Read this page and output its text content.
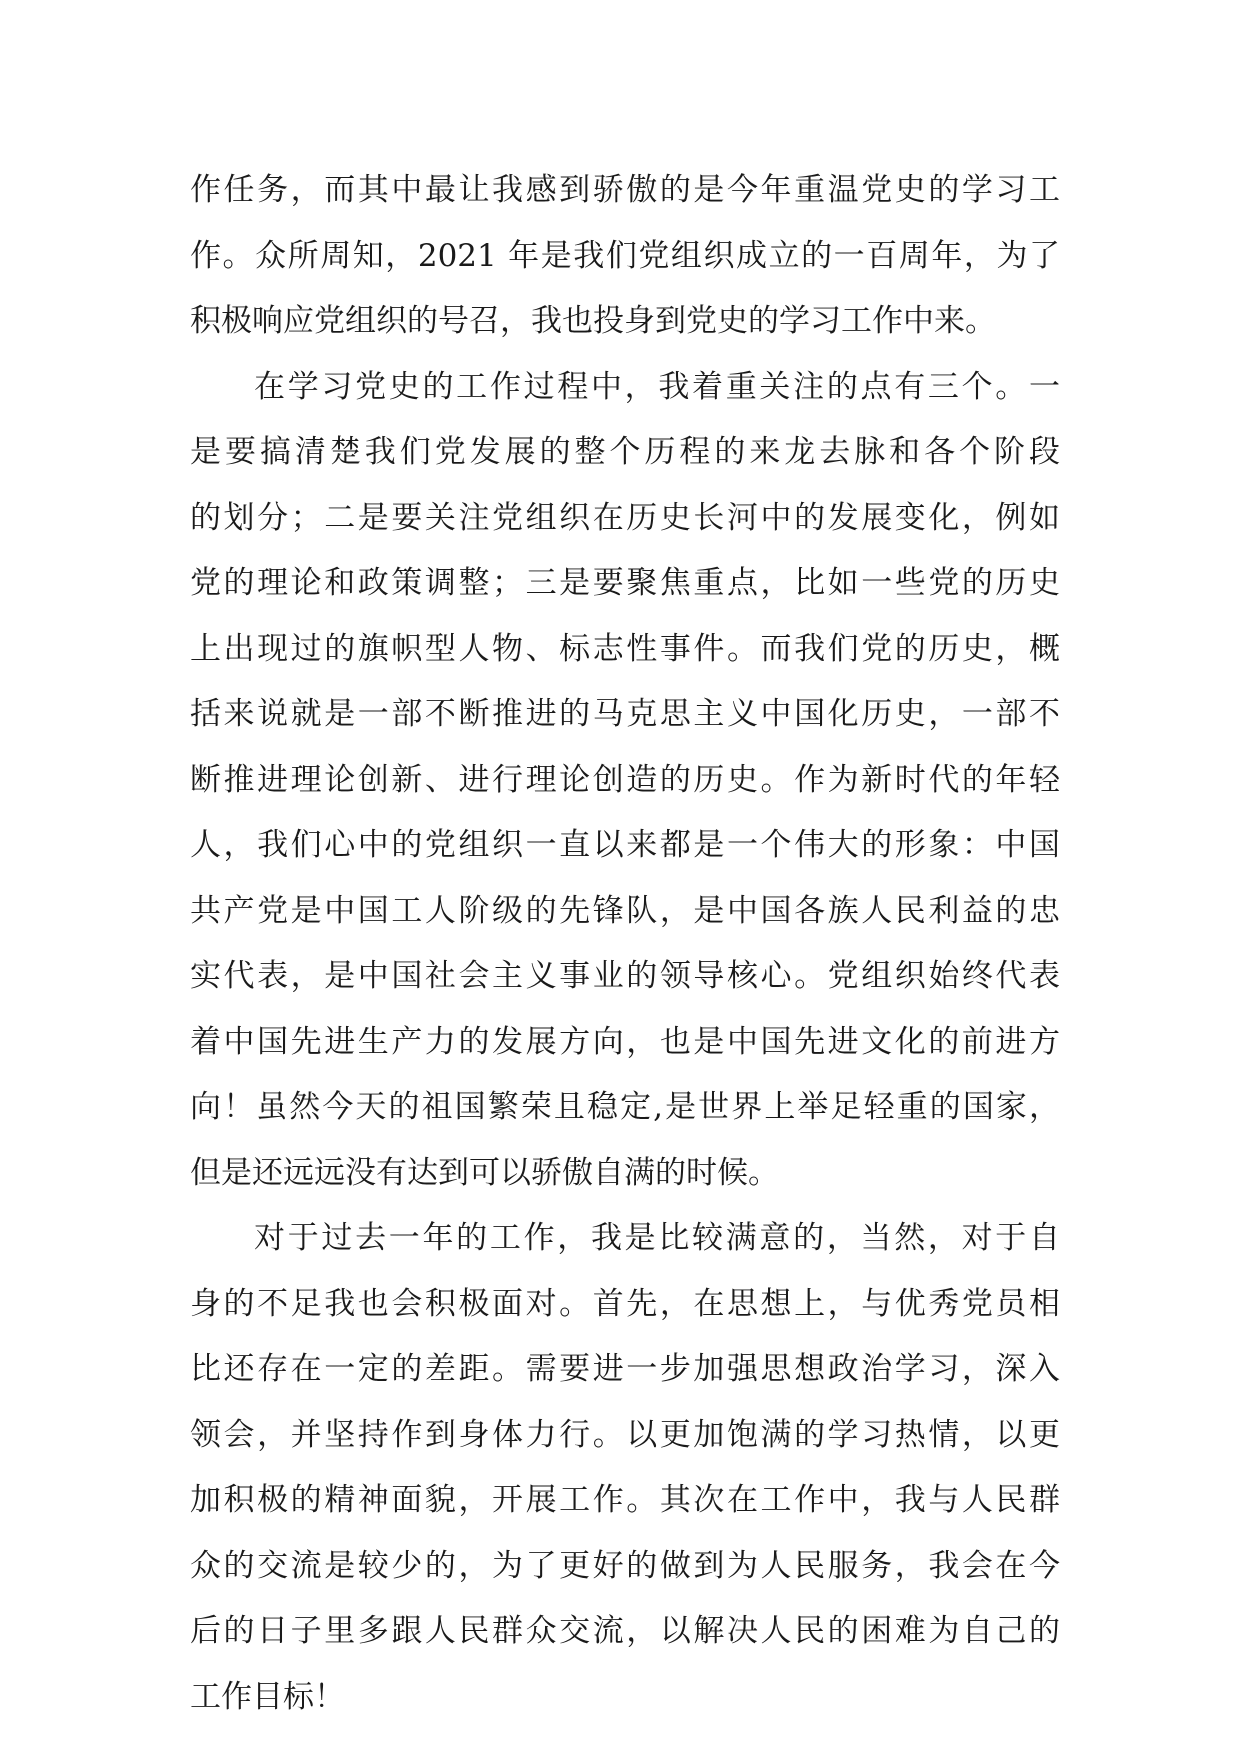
作任务，而其中最让我感到骄傲的是今年重温党史的学习工
作。众所周知，2021 年是我们党组织成立的一百周年，为了
积极响应党组织的号召，我也投身到党史的学习工作中来。
在学习党史的工作过程中，我着重关注的点有三个。一
是要搞清楚我们党发展的整个历程的来龙去脉和各个阶段
的划分；二是要关注党组织在历史长河中的发展变化，例如
党的理论和政策调整；三是要聚焦重点，比如一些党的历史
上出现过的旗帜型人物、标志性事件。而我们党的历史，概
括来说就是一部不断推进的马克思主义中国化历史，一部不
断推进理论创新、进行理论创造的历史。作为新时代的年轻
人，我们心中的党组织一直以来都是一个伟大的形象：中国
共产党是中国工人阶级的先锋队，是中国各族人民利益的忠
实代表，是中国社会主义事业的领导核心。党组织始终代表
着中国先进生产力的发展方向，也是中国先进文化的前进方
向！虽然今天的祖国繁荣且稳定,是世界上举足轻重的国家，
但是还远远没有达到可以骄傲自满的时候。
对于过去一年的工作，我是比较满意的，当然，对于自
身的不足我也会积极面对。首先，在思想上，与优秀党员相
比还存在一定的差距。需要进一步加强思想政治学习，深入
领会，并坚持作到身体力行。以更加饱满的学习热情，以更
加积极的精神面貌，开展工作。其次在工作中，我与人民群
众的交流是较少的，为了更好的做到为人民服务，我会在今
后的日子里多跟人民群众交流，以解决人民的困难为自己的
工作目标！
